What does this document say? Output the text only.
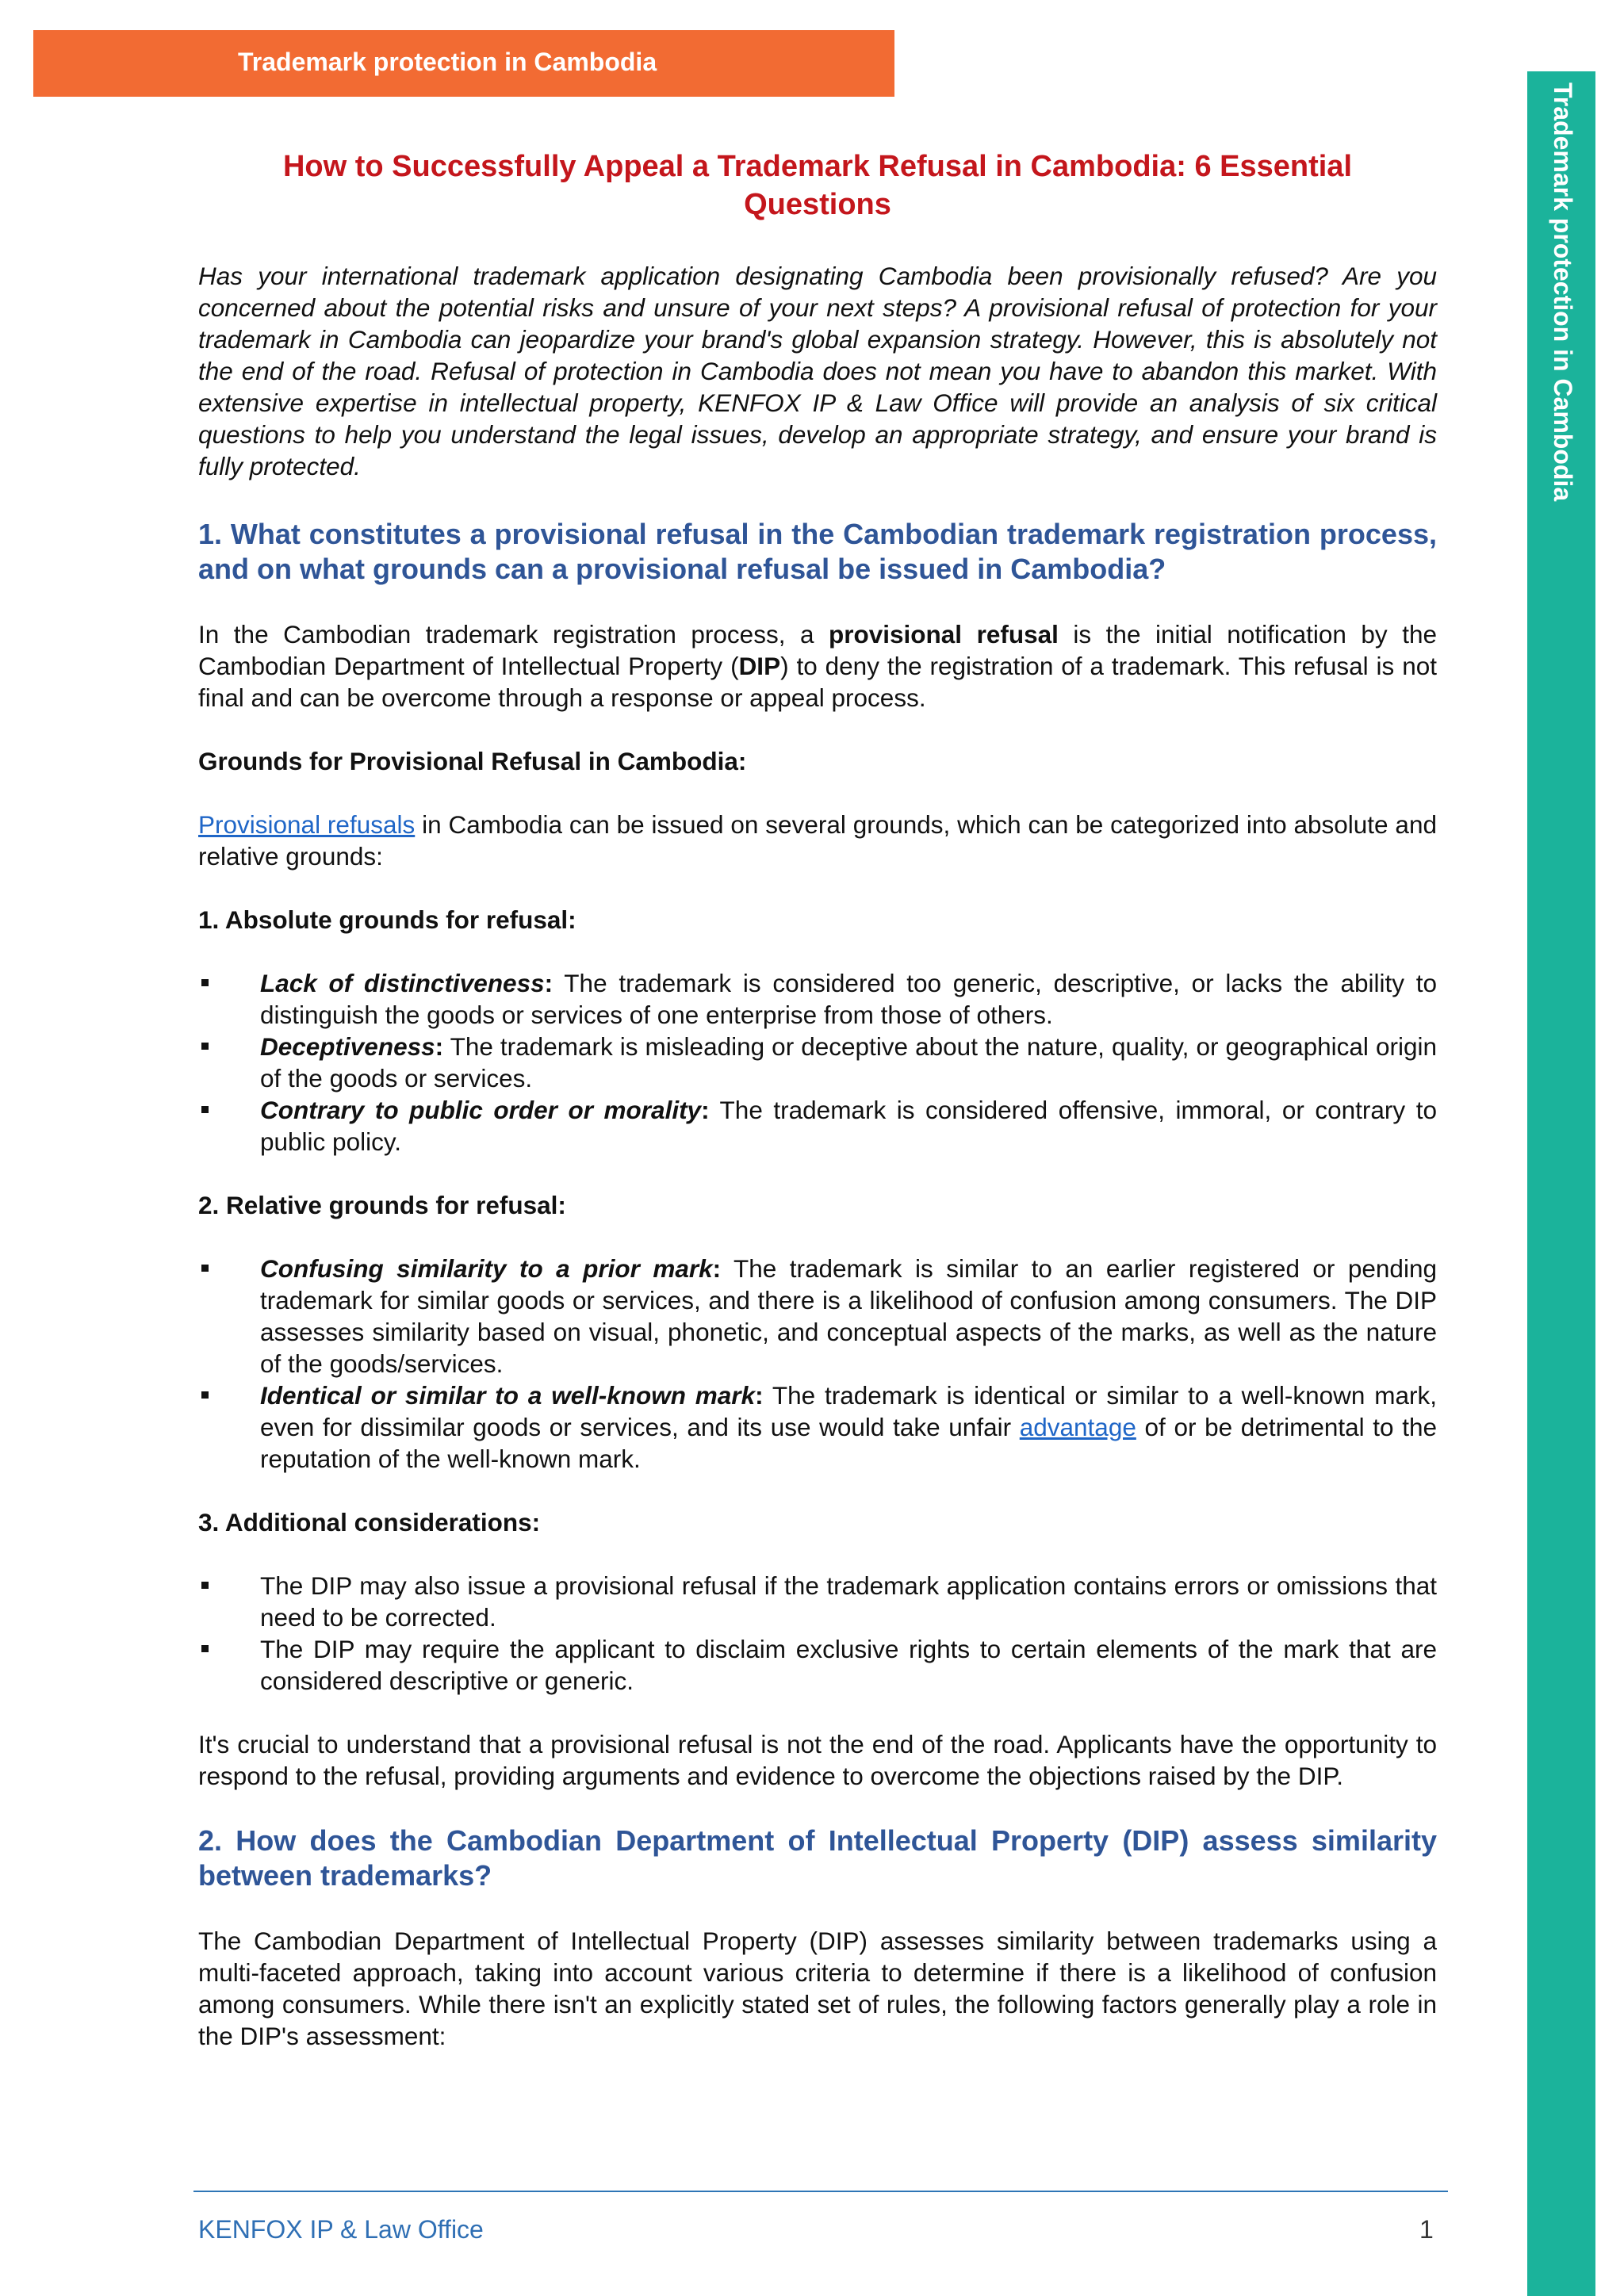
Trademark protection in Cambodia
Trademark protection in Cambodia
How to Successfully Appeal a Trademark Refusal in Cambodia: 6 Essential Questions

Has your international trademark application designating Cambodia been provisionally refused? Are you concerned about the potential risks and unsure of your next steps? A provisional refusal of protection for your trademark in Cambodia can jeopardize your brand's global expansion strategy. However, this is absolutely not the end of the road. Refusal of protection in Cambodia does not mean you have to abandon this market. With extensive expertise in intellectual property, KENFOX IP & Law Office will provide an analysis of six critical questions to help you understand the legal issues, develop an appropriate strategy, and ensure your brand is fully protected.

1. What constitutes a provisional refusal in the Cambodian trademark registration process, and on what grounds can a provisional refusal be issued in Cambodia?

In the Cambodian trademark registration process, a provisional refusal is the initial notification by the Cambodian Department of Intellectual Property (DIP) to deny the registration of a trademark. This refusal is not final and can be overcome through a response or appeal process.

Grounds for Provisional Refusal in Cambodia:

Provisional refusals in Cambodia can be issued on several grounds, which can be categorized into absolute and relative grounds:

1. Absolute grounds for refusal:

Lack of distinctiveness: The trademark is considered too generic, descriptive, or lacks the ability to distinguish the goods or services of one enterprise from those of others.
Deceptiveness: The trademark is misleading or deceptive about the nature, quality, or geographical origin of the goods or services.
Contrary to public order or morality: The trademark is considered offensive, immoral, or contrary to public policy.

2. Relative grounds for refusal:

Confusing similarity to a prior mark: The trademark is similar to an earlier registered or pending trademark for similar goods or services, and there is a likelihood of confusion among consumers. The DIP assesses similarity based on visual, phonetic, and conceptual aspects of the marks, as well as the nature of the goods/services.
Identical or similar to a well-known mark: The trademark is identical or similar to a well-known mark, even for dissimilar goods or services, and its use would take unfair advantage of or be detrimental to the reputation of the well-known mark.

3. Additional considerations:

The DIP may also issue a provisional refusal if the trademark application contains errors or omissions that need to be corrected.
The DIP may require the applicant to disclaim exclusive rights to certain elements of the mark that are considered descriptive or generic.

It's crucial to understand that a provisional refusal is not the end of the road. Applicants have the opportunity to respond to the refusal, providing arguments and evidence to overcome the objections raised by the DIP.

2. How does the Cambodian Department of Intellectual Property (DIP) assess similarity between trademarks?

The Cambodian Department of Intellectual Property (DIP) assesses similarity between trademarks using a multi-faceted approach, taking into account various criteria to determine if there is a likelihood of confusion among consumers. While there isn't an explicitly stated set of rules, the following factors generally play a role in the DIP's assessment:

KENFOX IP & Law Office	1
